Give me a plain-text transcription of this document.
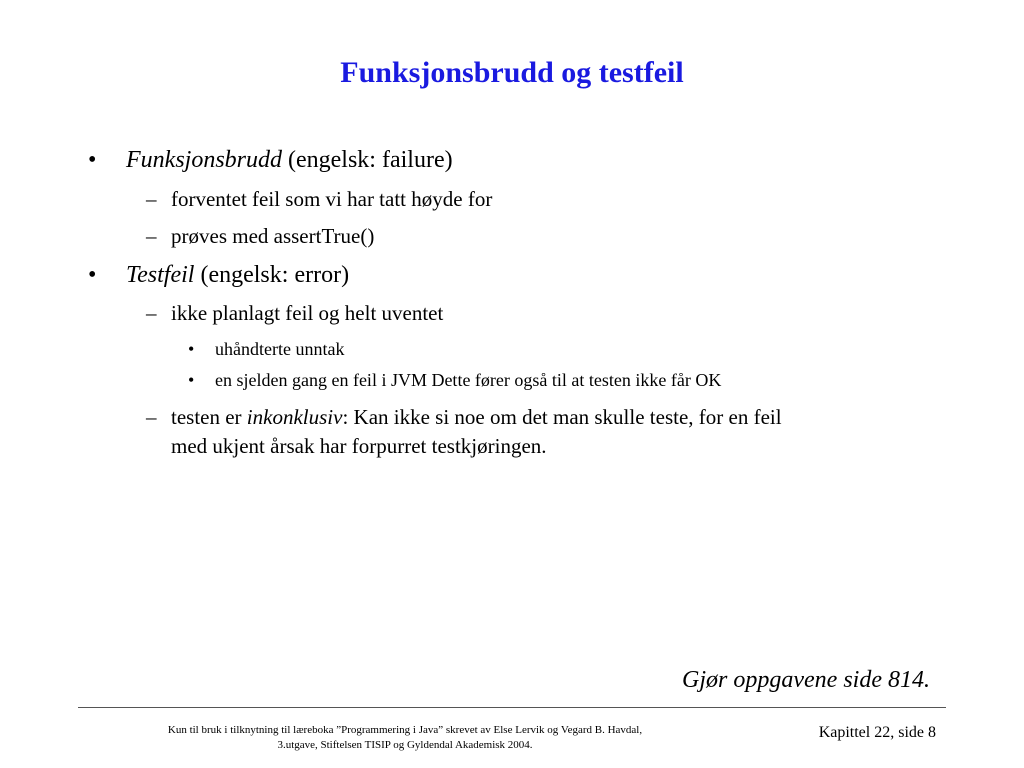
Funksjonsbrudd og testfeil
• Funksjonsbrudd (engelsk: failure)
– forventet feil som vi har tatt høyde for
– prøves med assertTrue()
• Testfeil (engelsk: error)
– ikke planlagt feil og helt uventet
• uhåndterte unntak
• en sjelden gang en feil i JVM Dette fører også til at testen ikke får OK
– testen er inkonklusiv: Kan ikke si noe om det man skulle teste, for en feil
med ukjent årsak har forpurret testkjøringen.
Gjør oppgavene side 814.
Kun til bruk i tilknytning til læreboka ”Programmering i Java” skrevet av Else Lervik og Vegard B. Havdal,
3.utgave, Stiftelsen TISIP og Gyldendal Akademisk 2004.
Kapittel 22, side 8
